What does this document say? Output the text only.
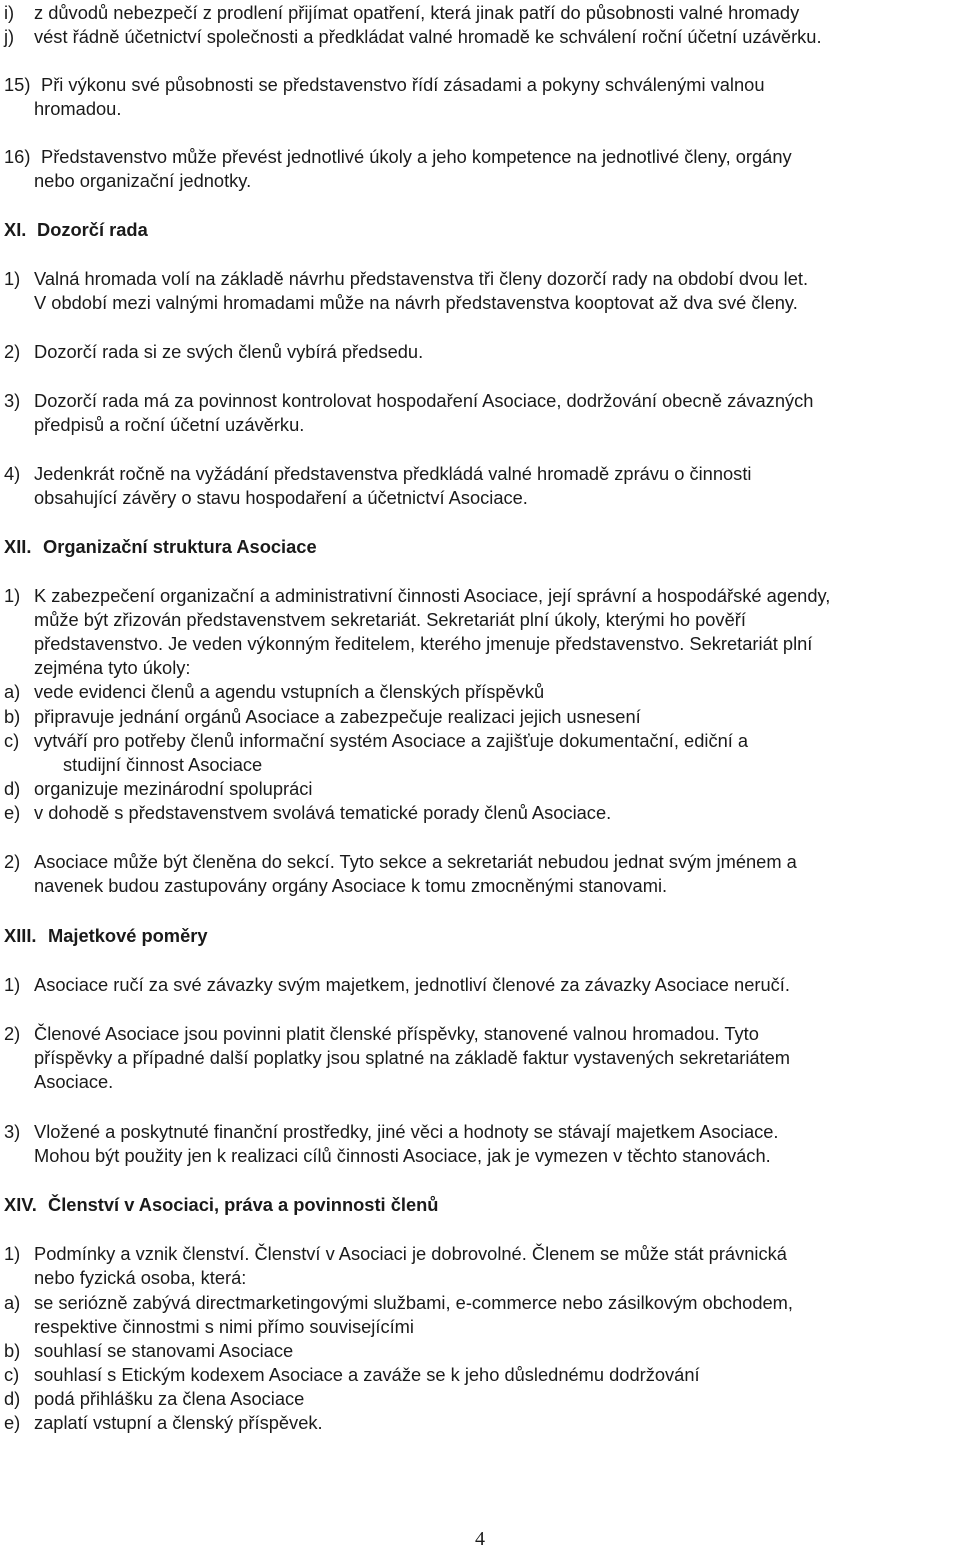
i) z důvodů nebezpečí z prodlení přijímat opatření, která jinak patří do působnosti valné hromady
j) vést řádně účetnictví společnosti a předkládat valné hromadě ke schválení roční účetní uzávěrku.
15) Při výkonu své působnosti se představenstvo řídí zásadami a pokyny schválenými valnou
hromadou.
16) Představenstvo může převést jednotlivé úkoly a jeho kompetence na jednotlivé členy, orgány
nebo organizační jednotky.
XI. Dozorčí rada
1) Valná hromada volí na základě návrhu představenstva tři členy dozorčí rady na období dvou let.
V období mezi valnými hromadami může na návrh představenstva kooptovat až dva své členy.
2) Dozorčí rada si ze svých členů vybírá předsedu.
3) Dozorčí rada má za povinnost kontrolovat hospodaření Asociace, dodržování obecně závazných
předpisů a roční účetní uzávěrku.
4) Jedenkrát ročně na vyžádání představenstva předkládá valné hromadě zprávu o činnosti
obsahující závěry o stavu hospodaření a účetnictví Asociace.
XII. Organizační struktura Asociace
1) K zabezpečení organizační a administrativní činnosti Asociace, její správní a hospodářské agendy,
může být zřizován představenstvem sekretariát. Sekretariát plní úkoly, kterými ho pověří
představenstvo. Je veden výkonným ředitelem, kterého jmenuje představenstvo. Sekretariát plní
zejména tyto úkoly:
a) vede evidenci členů a agendu vstupních a členských příspěvků
b) připravuje jednání orgánů Asociace a zabezpečuje realizaci jejich usnesení
c) vytváří pro potřeby členů informační systém Asociace a zajišťuje dokumentační, ediční a
studijní činnost Asociace
d) organizuje mezinárodní spolupráci
e) v dohodě s představenstvem svolává tematické porady členů Asociace.
2) Asociace může být členěna do sekcí. Tyto sekce a sekretariát nebudou jednat svým jménem a
navenek budou zastupovány orgány Asociace k tomu zmocněnými stanovami.
XIII. Majetkové poměry
1) Asociace ručí za své závazky svým majetkem, jednotliví členové za závazky Asociace neručí.
2) Členové Asociace jsou povinni platit členské příspěvky, stanovené valnou hromadou. Tyto
příspěvky a případné další poplatky jsou splatné na základě faktur vystavených sekretariátem
Asociace.
3) Vložené a poskytnuté finanční prostředky, jiné věci a hodnoty se stávají majetkem Asociace.
Mohou být použity jen k realizaci cílů činnosti Asociace, jak je vymezen v těchto stanovách.
XIV. Členství v Asociaci, práva a povinnosti členů
1) Podmínky a vznik členství. Členství v Asociaci je dobrovolné. Členem se může stát právnická
nebo fyzická osoba, která:
a) se seriózně zabývá directmarketingovými službami, e-commerce nebo zásilkovým obchodem,
respektive činnostmi s nimi přímo souvisejícími
b) souhlasí se stanovami Asociace
c) souhlasí s Etickým kodexem Asociace a zaváže se k jeho důslednému dodržování
d) podá přihlášku za člena Asociace
e) zaplatí vstupní a členský příspěvek.
4
